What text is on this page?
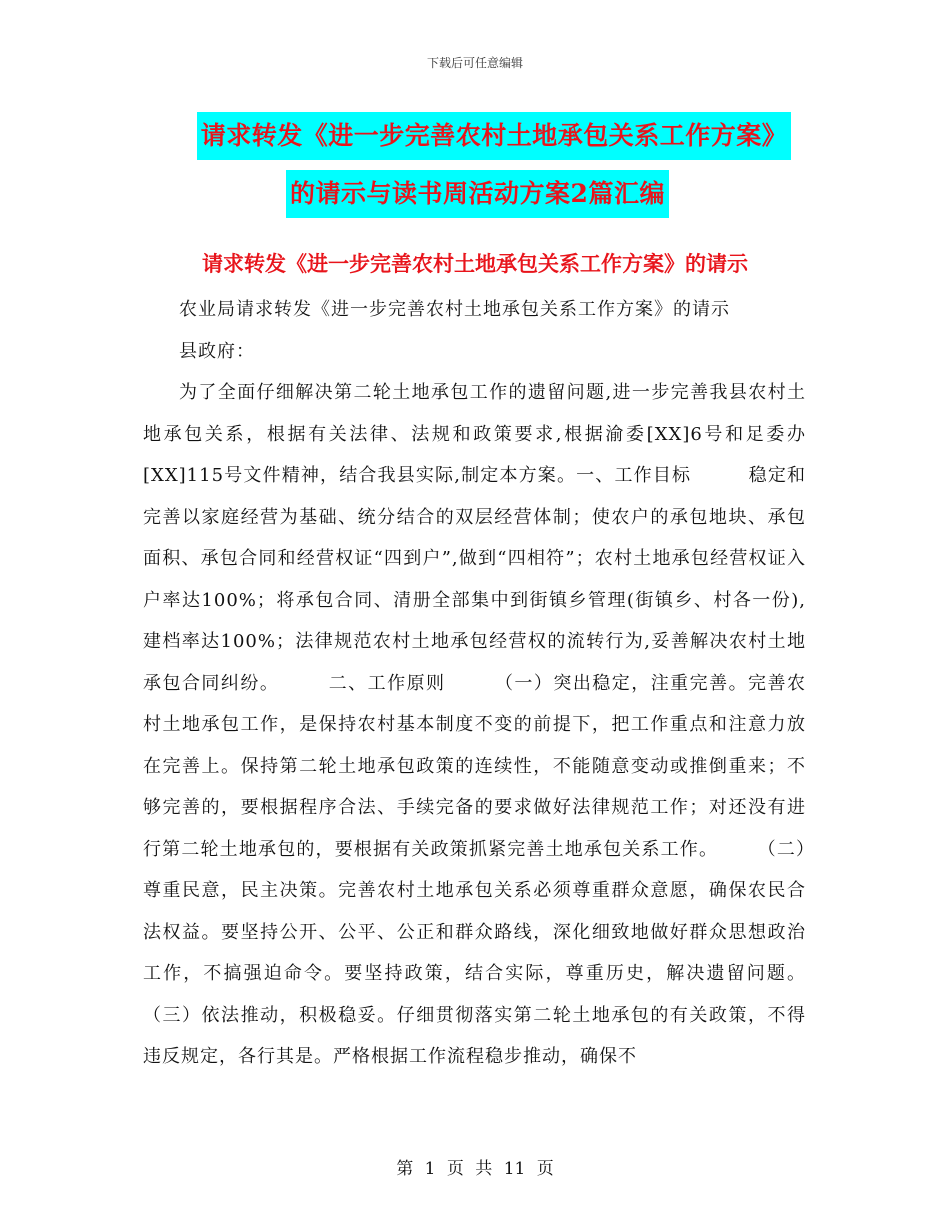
下载后可任意编辑
请求转发《进一步完善农村土地承包关系工作方案》
的请示与读书周活动方案2篇汇编
请求转发《进一步完善农村土地承包关系工作方案》的请示

农业局请求转发《进一步完善农村土地承包关系工作方案》的请示

县政府：

为了全面仔细解决第二轮土地承包工作的遗留问题,进一步完善我县农村土地承包关系，根据有关法律、法规和政策要求,根据渝委[XX]6号和足委办[XX]115号文件精神，结合我县实际,制定本方案。一、工作目标　　　稳定和完善以家庭经营为基础、统分结合的双层经营体制；使农户的承包地块、承包面积、承包合同和经营权证“四到户”,做到“四相符”；农村土地承包经营权证入户率达100%；将承包合同、清册全部集中到街镇乡管理(街镇乡、村各一份),建档率达100%；法律规范农村土地承包经营权的流转行为,妥善解决农村土地承包合同纠纷。　　　二、工作原则　　　（一）突出稳定，注重完善。完善农村土地承包工作，是保持农村基本制度不变的前提下，把工作重点和注意力放在完善上。保持第二轮土地承包政策的连续性，不能随意变动或推倒重来；不够完善的，要根据程序合法、手续完备的要求做好法律规范工作；对还没有进行第二轮土地承包的，要根据有关政策抓紧完善土地承包关系工作。　　　（二）尊重民意，民主决策。完善农村土地承包关系必须尊重群众意愿，确保农民合法权益。要坚持公开、公平、公正和群众路线，深化细致地做好群众思想政治工作，不搞强迫命令。要坚持政策，结合实际，尊重历史，解决遗留问题。（三）依法推动，积极稳妥。仔细贯彻落实第二轮土地承包的有关政策，不得违反规定，各行其是。严格根据工作流程稳步推动，确保不

第 1 页 共 11 页
